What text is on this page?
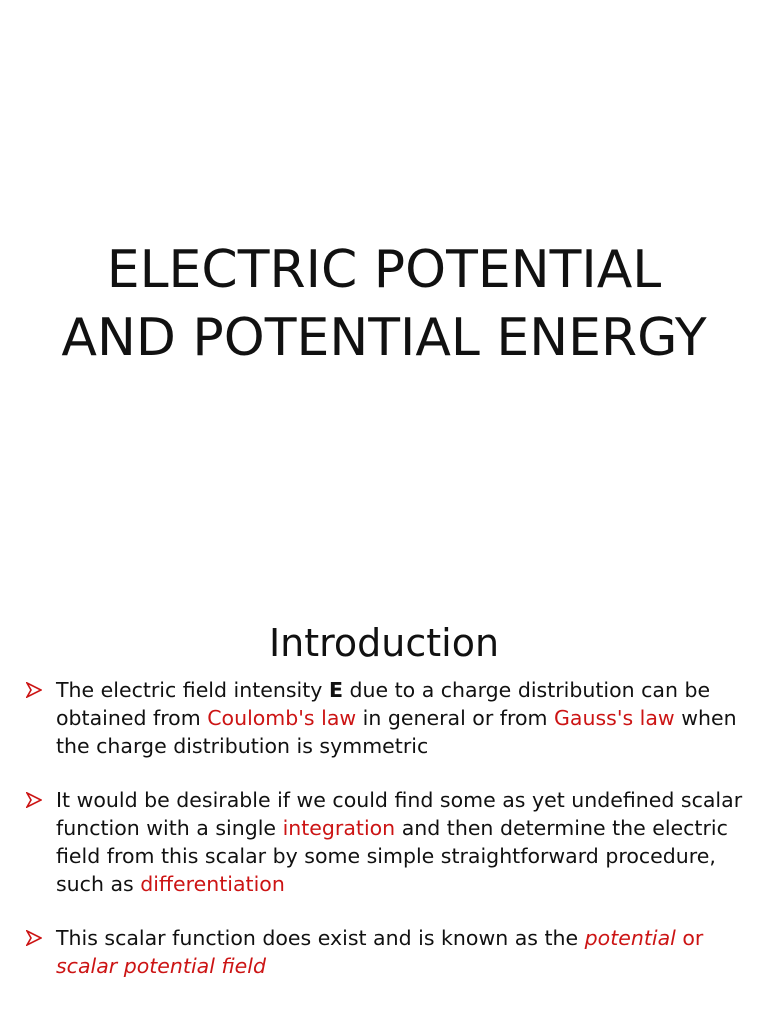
ELECTRIC POTENTIAL
AND POTENTIAL ENERGY
Introduction
The electric field intensity E due to a charge distribution can be obtained from Coulomb's law in general or from Gauss's law when the charge distribution is symmetric
It would be desirable if we could find some as yet undefined scalar function with a single integration and then determine the electric field from this scalar by some simple straightforward procedure, such as differentiation
This scalar function does exist and is known as the potential or scalar potential field
